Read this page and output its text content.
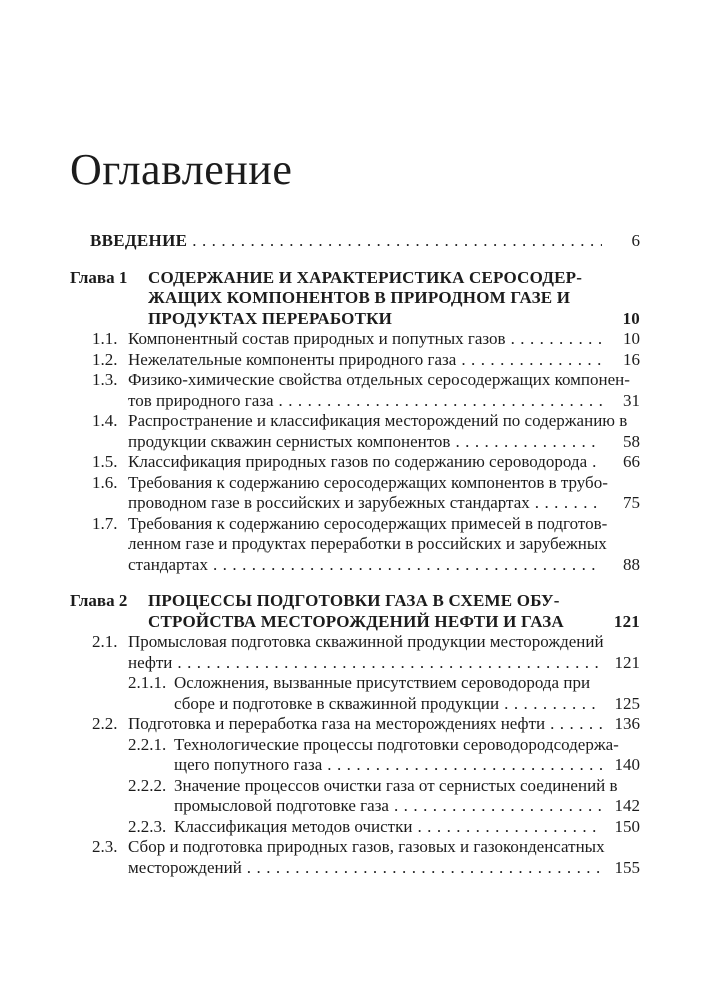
Оглавление
ВВЕДЕНИЕ . . .	6
Глава 1	СОДЕРЖАНИЕ И ХАРАКТЕРИСТИКА СЕРОСОДЕР-
ЖАЩИХ КОМПОНЕНТОВ В ПРИРОДНОМ ГАЗЕ И
ПРОДУКТАХ ПЕРЕРАБОТКИ	10
1.1. Компонентный состав природных и попутных газов . . .	10
1.2. Нежелательные компоненты природного газа . . .	16
1.3. Физико-химические свойства отдельных серосодержащих компонен-
тов природного газа . . .	31
1.4. Распространение и классификация месторождений по содержанию в
продукции скважин сернистых компонентов . . .	58
1.5. Классификация природных газов по содержанию сероводорода . . .	66
1.6. Требования к содержанию серосодержащих компонентов в трубо-
проводном газе в российских и зарубежных стандартах . . .	75
1.7. Требования к содержанию серосодержащих примесей в подготов-
ленном газе и продуктах переработки в российских и зарубежных
стандартах . . .	88
Глава 2	ПРОЦЕССЫ ПОДГОТОВКИ ГАЗА В СХЕМЕ ОБУ-
СТРОЙСТВА МЕСТОРОЖДЕНИЙ НЕФТИ И ГАЗА	121
2.1. Промысловая подготовка скважинной продукции месторождений
нефти . . .	121
2.1.1. Осложнения, вызванные присутствием сероводорода при
сборе и подготовке в скважинной продукции . . .	125
2.2. Подготовка и переработка газа на месторождениях нефти . . .	136
2.2.1. Технологические процессы подготовки сероводородсодержа-
щего попутного газа . . .	140
2.2.2. Значение процессов очистки газа от сернистых соединений в
промысловой подготовке газа . . .	142
2.2.3. Классификация методов очистки . . .	150
2.3. Сбор и подготовка природных газов, газовых и газоконденсатных
месторождений . . .	155
